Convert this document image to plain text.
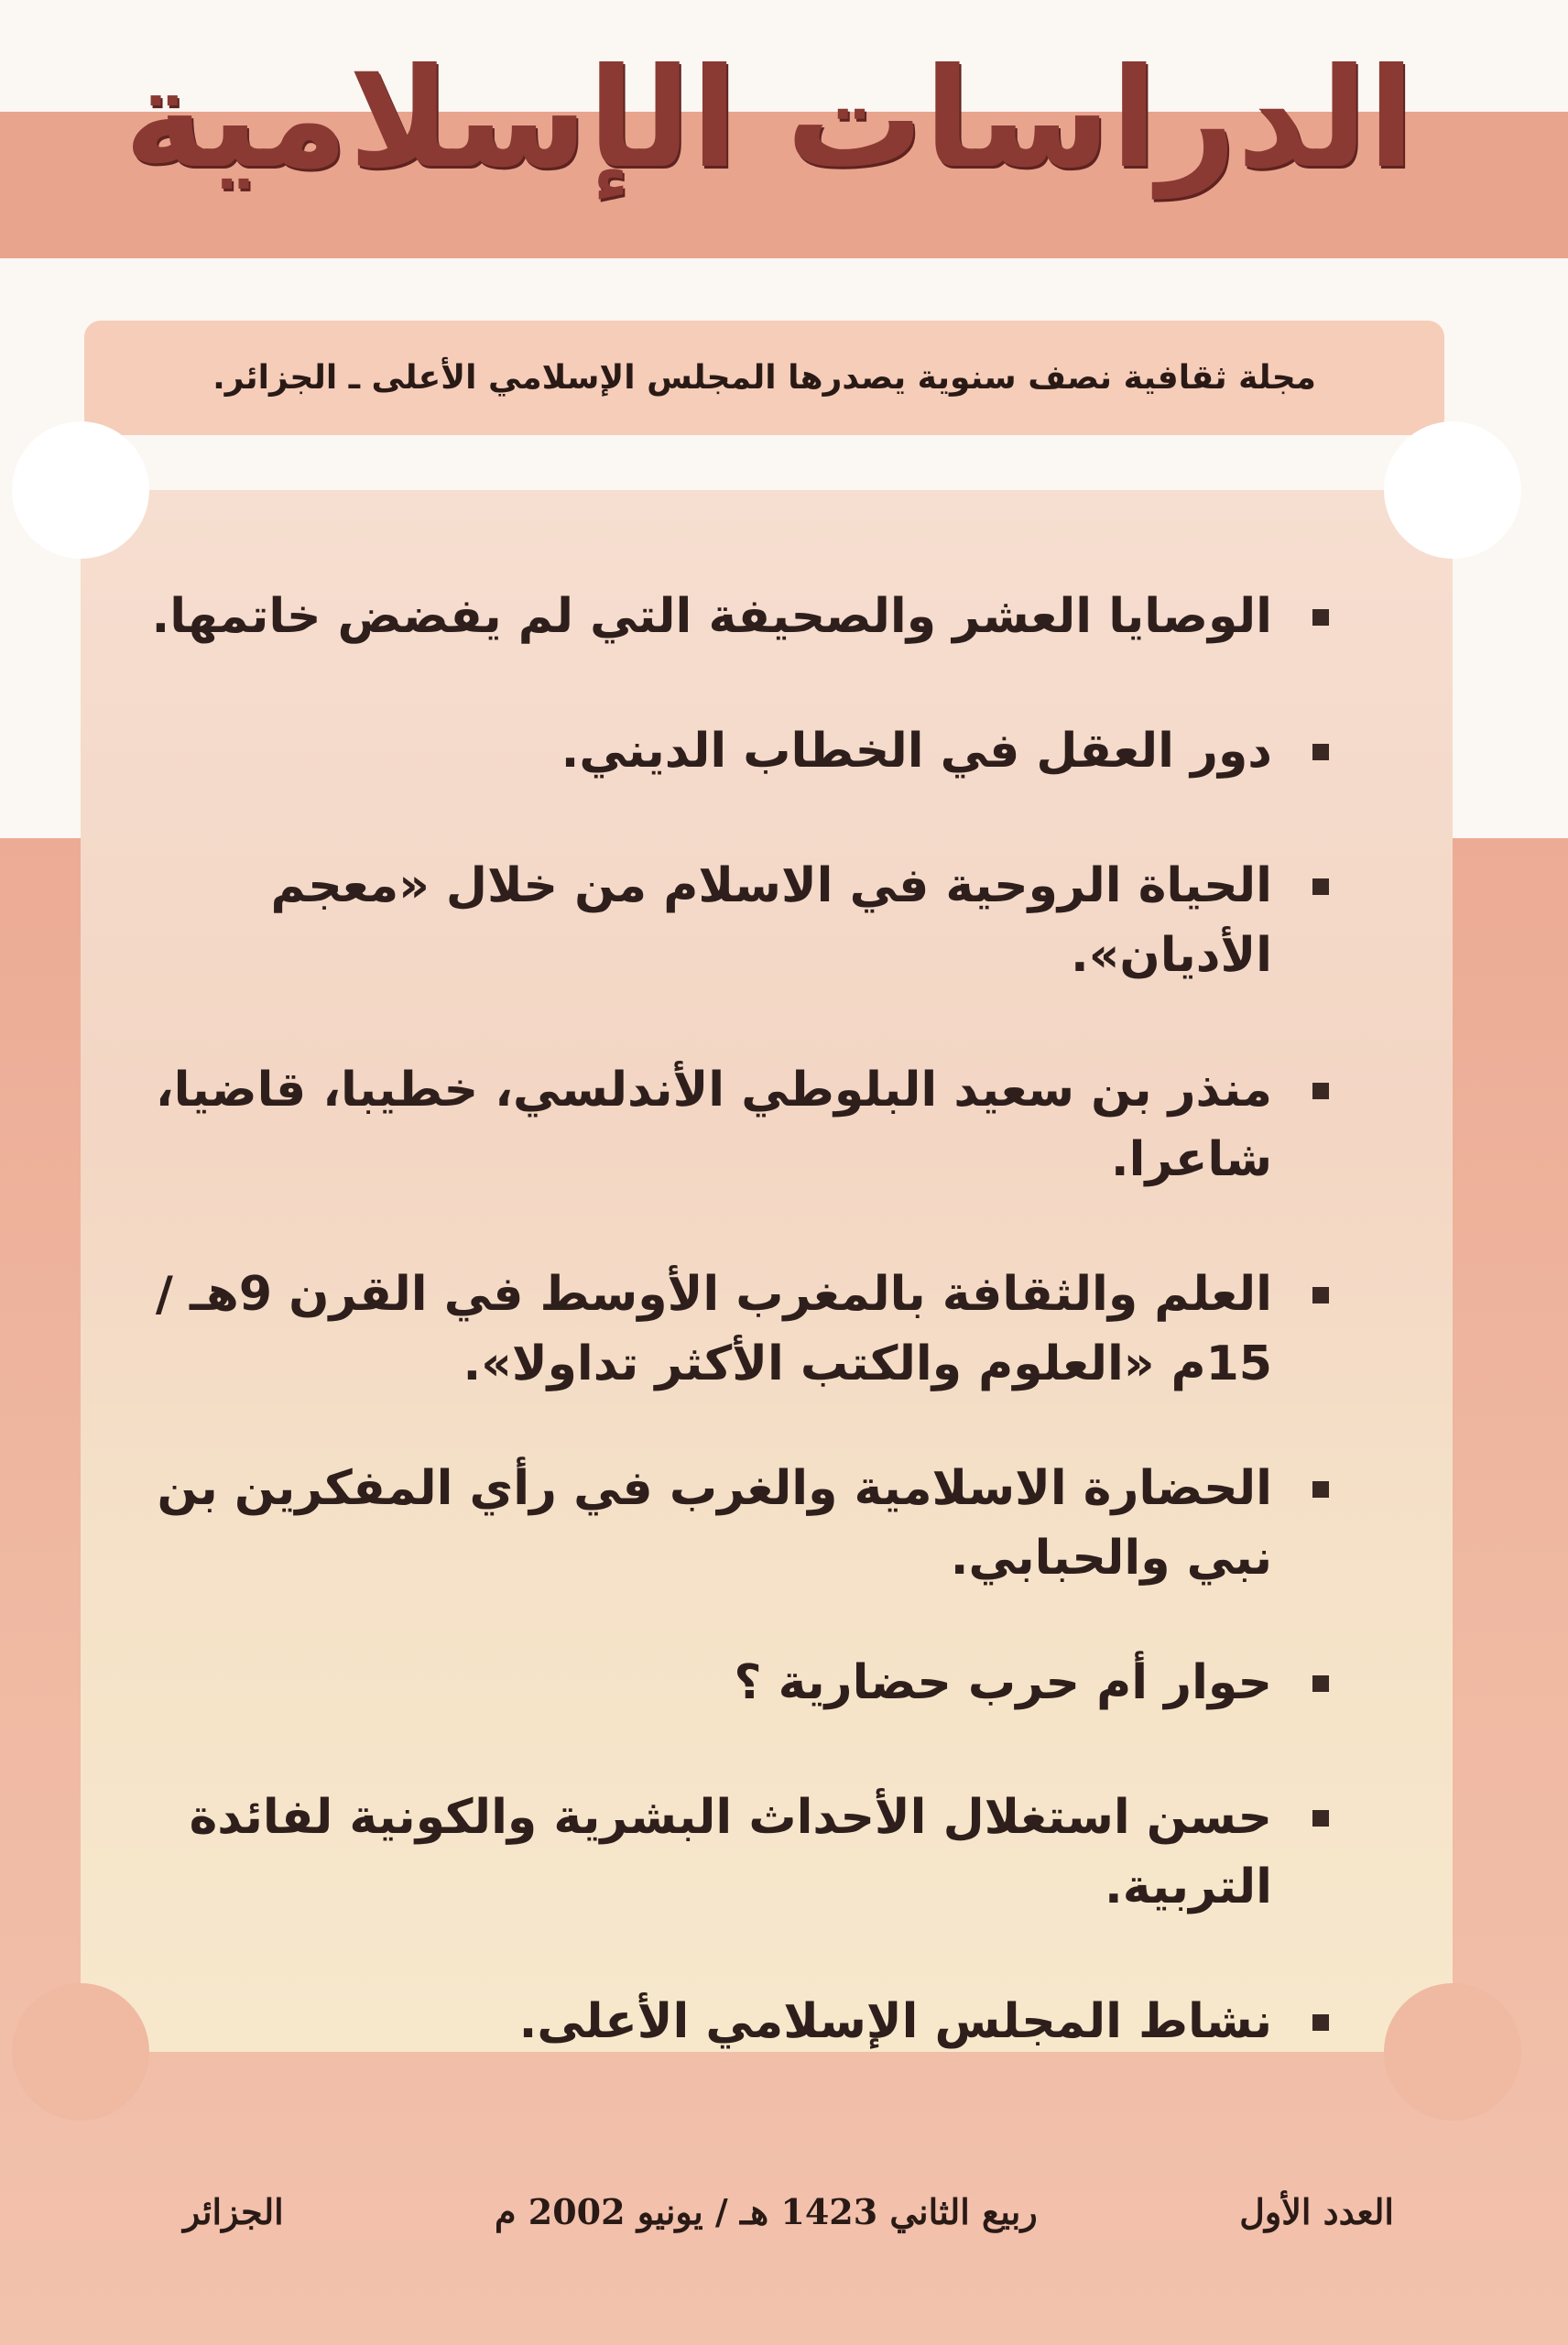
الدراسات الإسلامية
مجلة ثقافية نصف سنوية يصدرها المجلس الإسلامي الأعلى ـ الجزائر.
الوصايا العشر والصحيفة التي لم يفضض خاتمها.
دور العقل في الخطاب الديني.
الحياة الروحية في الاسلام من خلال «معجم الأديان».
منذر بن سعيد البلوطي الأندلسي، خطيبا، قاضيا، شاعرا.
العلم والثقافة بالمغرب الأوسط في القرن 9هـ / 15م «العلوم والكتب الأكثر تداولا».
الحضارة الاسلامية والغرب في رأي المفكرين بن نبي والحبابي.
حوار أم حرب حضارية ؟
حسن استغلال الأحداث البشرية والكونية لفائدة التربية.
نشاط المجلس الإسلامي الأعلى.
العدد الأول
ربيع الثاني 1423 هـ / يونيو 2002 م
الجزائر
